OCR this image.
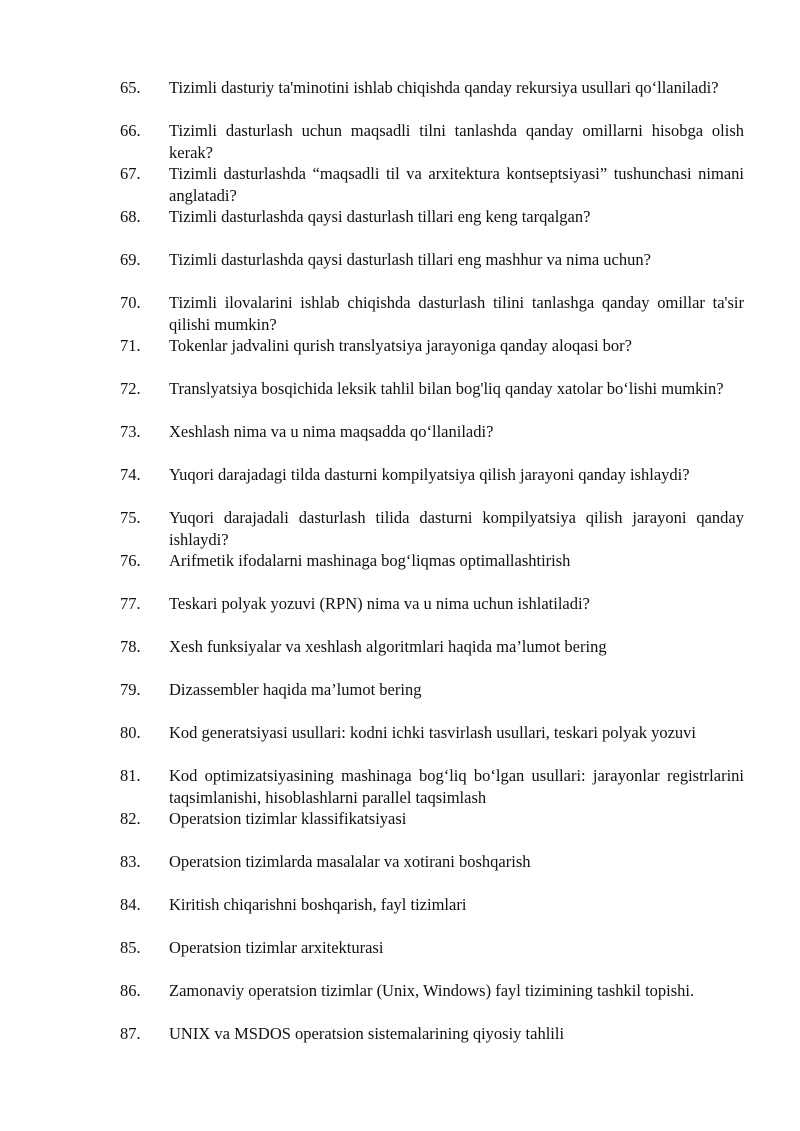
65.	Tizimli dasturiy ta'minotini ishlab chiqishda qanday rekursiya usullari qo‘llaniladi?
66.	Tizimli dasturlash uchun maqsadli tilni tanlashda qanday omillarni hisobga olish kerak?
67.	Tizimli dasturlashda “maqsadli til va arxitektura kontseptsiyasi” tushunchasi nimani anglatadi?
68.	Tizimli dasturlashda qaysi dasturlash tillari eng keng tarqalgan?
69.	Tizimli dasturlashda qaysi dasturlash tillari eng mashhur va nima uchun?
70.	Tizimli ilovalarini ishlab chiqishda dasturlash tilini tanlashga qanday omillar ta'sir qilishi mumkin?
71.	Tokenlar jadvalini qurish translyatsiya jarayoniga qanday aloqasi bor?
72.	Translyatsiya bosqichida leksik tahlil bilan bog'liq qanday xatolar bo‘lishi mumkin?
73.	Xeshlash nima va u nima maqsadda qo‘llaniladi?
74.	Yuqori darajadagi tilda dasturni kompilyatsiya qilish jarayoni qanday ishlaydi?
75.	Yuqori darajadali dasturlash tilida dasturni kompilyatsiya qilish jarayoni qanday ishlaydi?
76.	Arifmetik ifodalarni mashinaga bog‘liqmas optimallashtirish
77.	Teskari polyak yozuvi (RPN) nima va u nima uchun ishlatiladi?
78.	Xesh funksiyalar va xeshlash algoritmlari haqida ma’lumot bering
79.	Dizassembler haqida ma’lumot bering
80.	Kod generatsiyasi usullari: kodni ichki tasvirlash usullari, teskari polyak yozuvi
81.	Kod optimizatsiyasining mashinaga bog‘liq bo‘lgan usullari: jarayonlar registrlarini taqsimlanishi, hisoblashlarni parallel taqsimlash
82.	Operatsion tizimlar klassifikatsiyasi
83.	Operatsion tizimlarda masalalar va xotirani boshqarish
84.	Kiritish chiqarishni boshqarish, fayl tizimlari
85.	Operatsion tizimlar arxitekturasi
86.	Zamonaviy operatsion tizimlar (Unix, Windows) fayl tizimining tashkil topishi.
87.	UNIX va MSDOS operatsion sistemalarining qiyosiy tahlili
